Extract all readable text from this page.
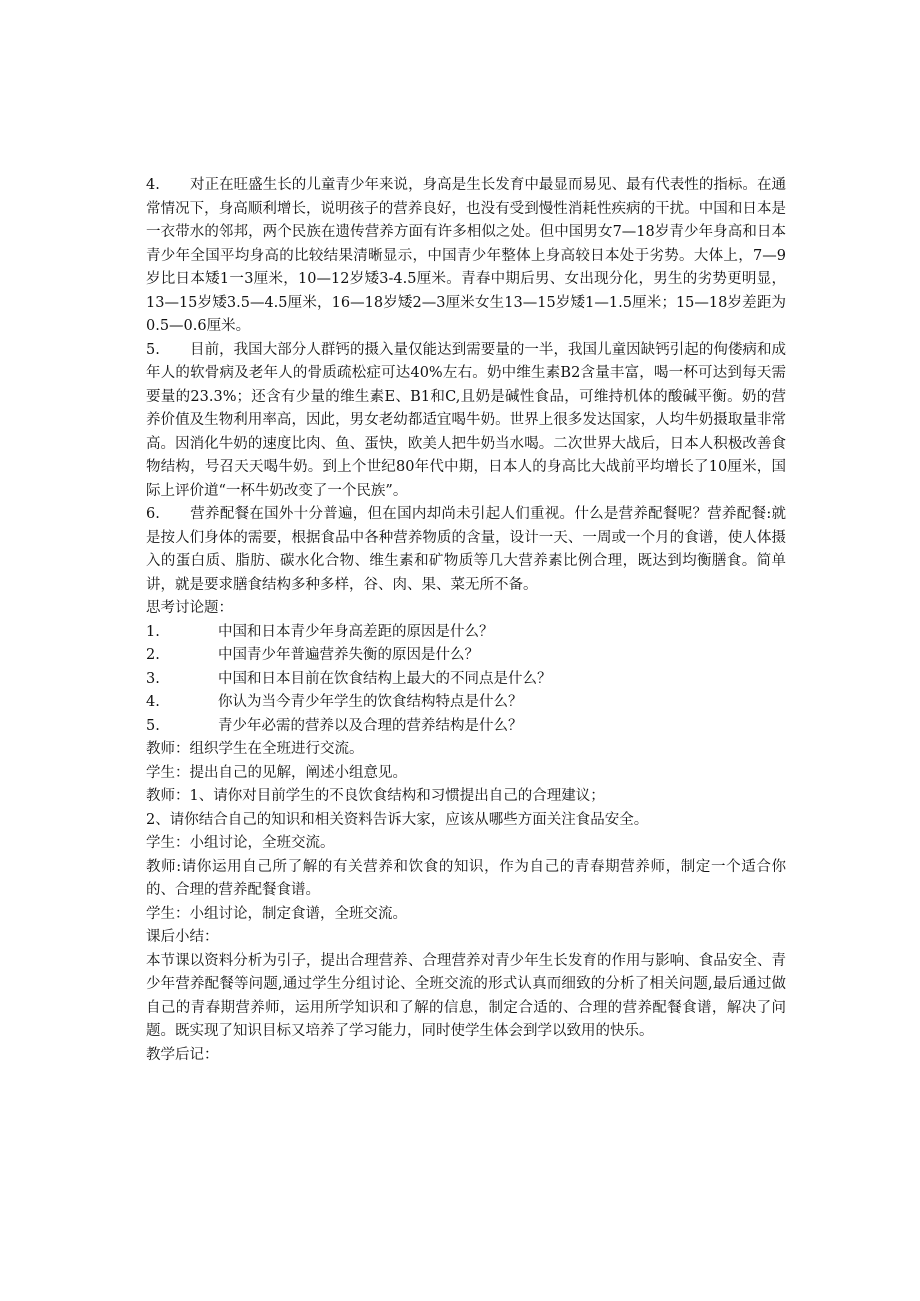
4. 对正在旺盛生长的儿童青少年来说，身高是生长发育中最显而易见、最有代表性的指标。在通常情况下，身高顺利增长，说明孩子的营养良好，也没有受到慢性消耗性疾病的干扰。中国和日本是一衣带水的邻邦，两个民族在遗传营养方面有许多相似之处。但中国男女7—18岁青少年身高和日本青少年全国平均身高的比较结果清晰显示，中国青少年整体上身高较日本处于劣势。大体上，7—9岁比日本矮1一3厘米，10—12岁矮3-4.5厘米。青春中期后男、女出现分化，男生的劣势更明显，13—15岁矮3.5—4.5厘米，16—18岁矮2—3厘米女生13—15岁矮1—1.5厘米；15—18岁差距为0.5—0.6厘米。

5. 目前，我国大部分人群钙的摄入量仅能达到需要量的一半，我国儿童因缺钙引起的佝偻病和成年人的软骨病及老年人的骨质疏松症可达40%左右。奶中维生素B2含量丰富，喝一杯可达到每天需要量的23.3%；还含有少量的维生素E、B1和C,且奶是碱性食品，可维持机体的酸碱平衡。奶的营养价值及生物利用率高，因此，男女老幼都适宜喝牛奶。世界上很多发达国家，人均牛奶摄取量非常高。因消化牛奶的速度比肉、鱼、蛋快，欧美人把牛奶当水喝。二次世界大战后，日本人积极改善食物结构，号召天天喝牛奶。到上个世纪80年代中期，日本人的身高比大战前平均增长了10厘米，国际上评价道“一杯牛奶改变了一个民族”。

6. 营养配餐在国外十分普遍，但在国内却尚未引起人们重视。什么是营养配餐呢？营养配餐:就是按人们身体的需要，根据食品中各种营养物质的含量，设计一天、一周或一个月的食谱，使人体摄入的蛋白质、脂肪、碳水化合物、维生素和矿物质等几大营养素比例合理，既达到均衡膳食。简单讲，就是要求膳食结构多种多样，谷、肉、果、菜无所不备。

思考讨论题：

1.	中国和日本青少年身高差距的原因是什么？
2.	中国青少年普遍营养失衡的原因是什么？
3.	中国和日本目前在饮食结构上最大的不同点是什么？
4.	你认为当今青少年学生的饮食结构特点是什么？
5.	青少年必需的营养以及合理的营养结构是什么？

教师：组织学生在全班进行交流。

学生：提出自己的见解，阐述小组意见。

教师：1、请你对目前学生的不良饮食结构和习惯提出自己的合理建议；

2、请你结合自己的知识和相关资料告诉大家，应该从哪些方面关注食品安全。

学生：小组讨论，全班交流。

教师:请你运用自己所了解的有关营养和饮食的知识，作为自己的青春期营养师，制定一个适合你的、合理的营养配餐食谱。

学生：小组讨论，制定食谱，全班交流。

课后小结：

本节课以资料分析为引子，提出合理营养、合理营养对青少年生长发育的作用与影响、食品安全、青少年营养配餐等问题,通过学生分组讨论、全班交流的形式认真而细致的分析了相关问题,最后通过做自己的青春期营养师，运用所学知识和了解的信息，制定合适的、合理的营养配餐食谱，解决了问题。既实现了知识目标又培养了学习能力，同时使学生体会到学以致用的快乐。

教学后记：
